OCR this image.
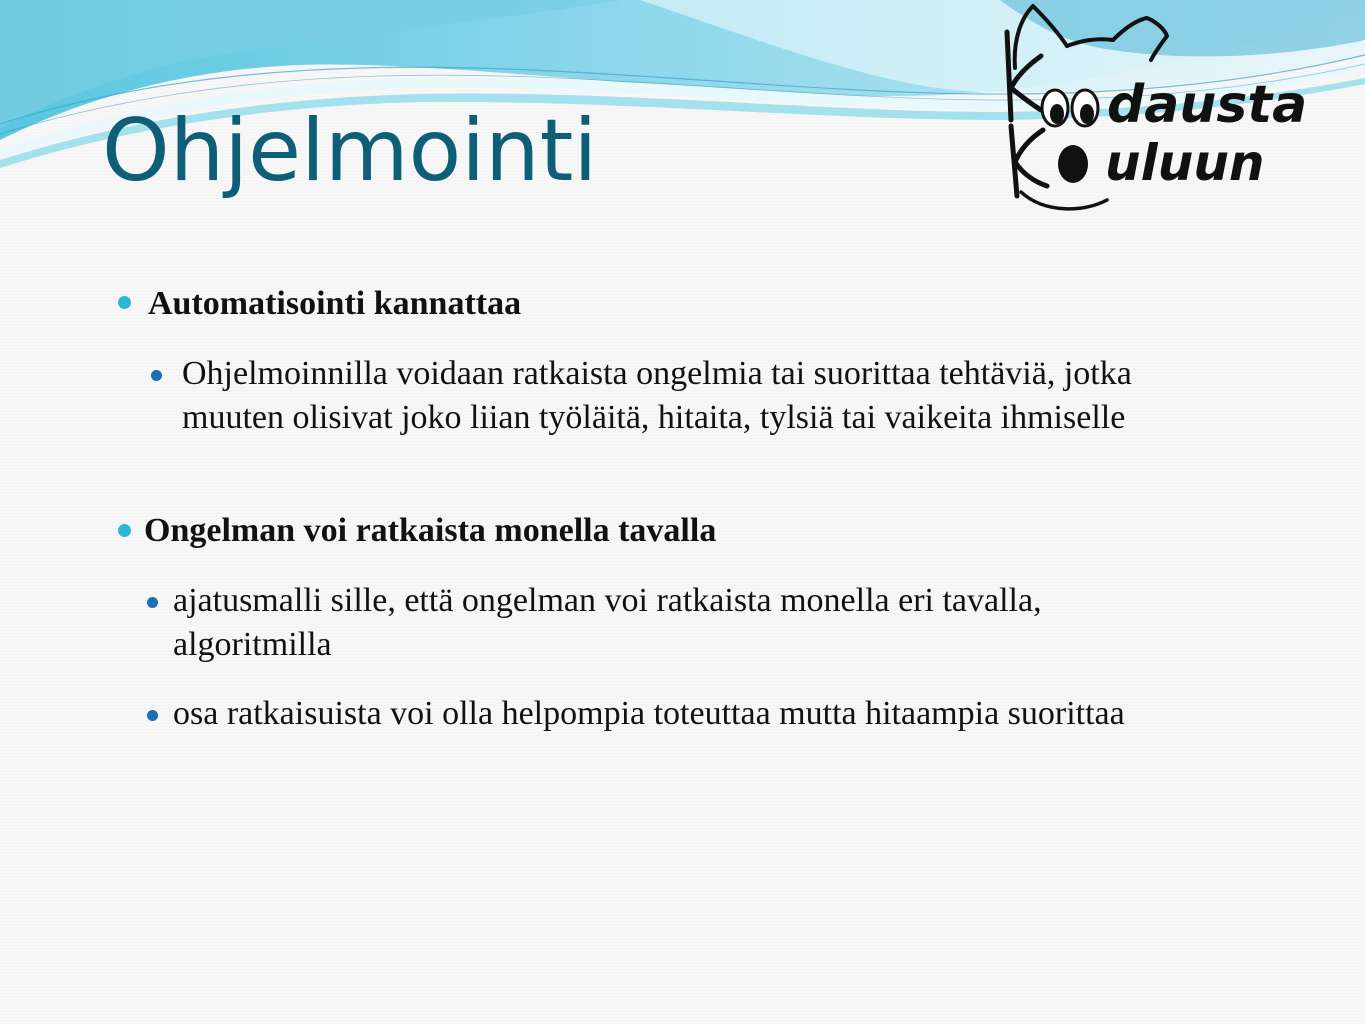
Ohjelmointi	dausta
uluun
Automatisointi kannattaa
Ohjelmoinnilla voidaan ratkaista ongelmia tai suorittaa tehtäviä, jotka muuten olisivat joko liian työläitä, hitaita, tylsiä tai vaikeita ihmiselle
Ongelman voi ratkaista monella tavalla
ajatusmalli sille, että ongelman voi ratkaista monella eri tavalla, algoritmilla
osa ratkaisuista voi olla helpompia toteuttaa mutta hitaampia suorittaa
